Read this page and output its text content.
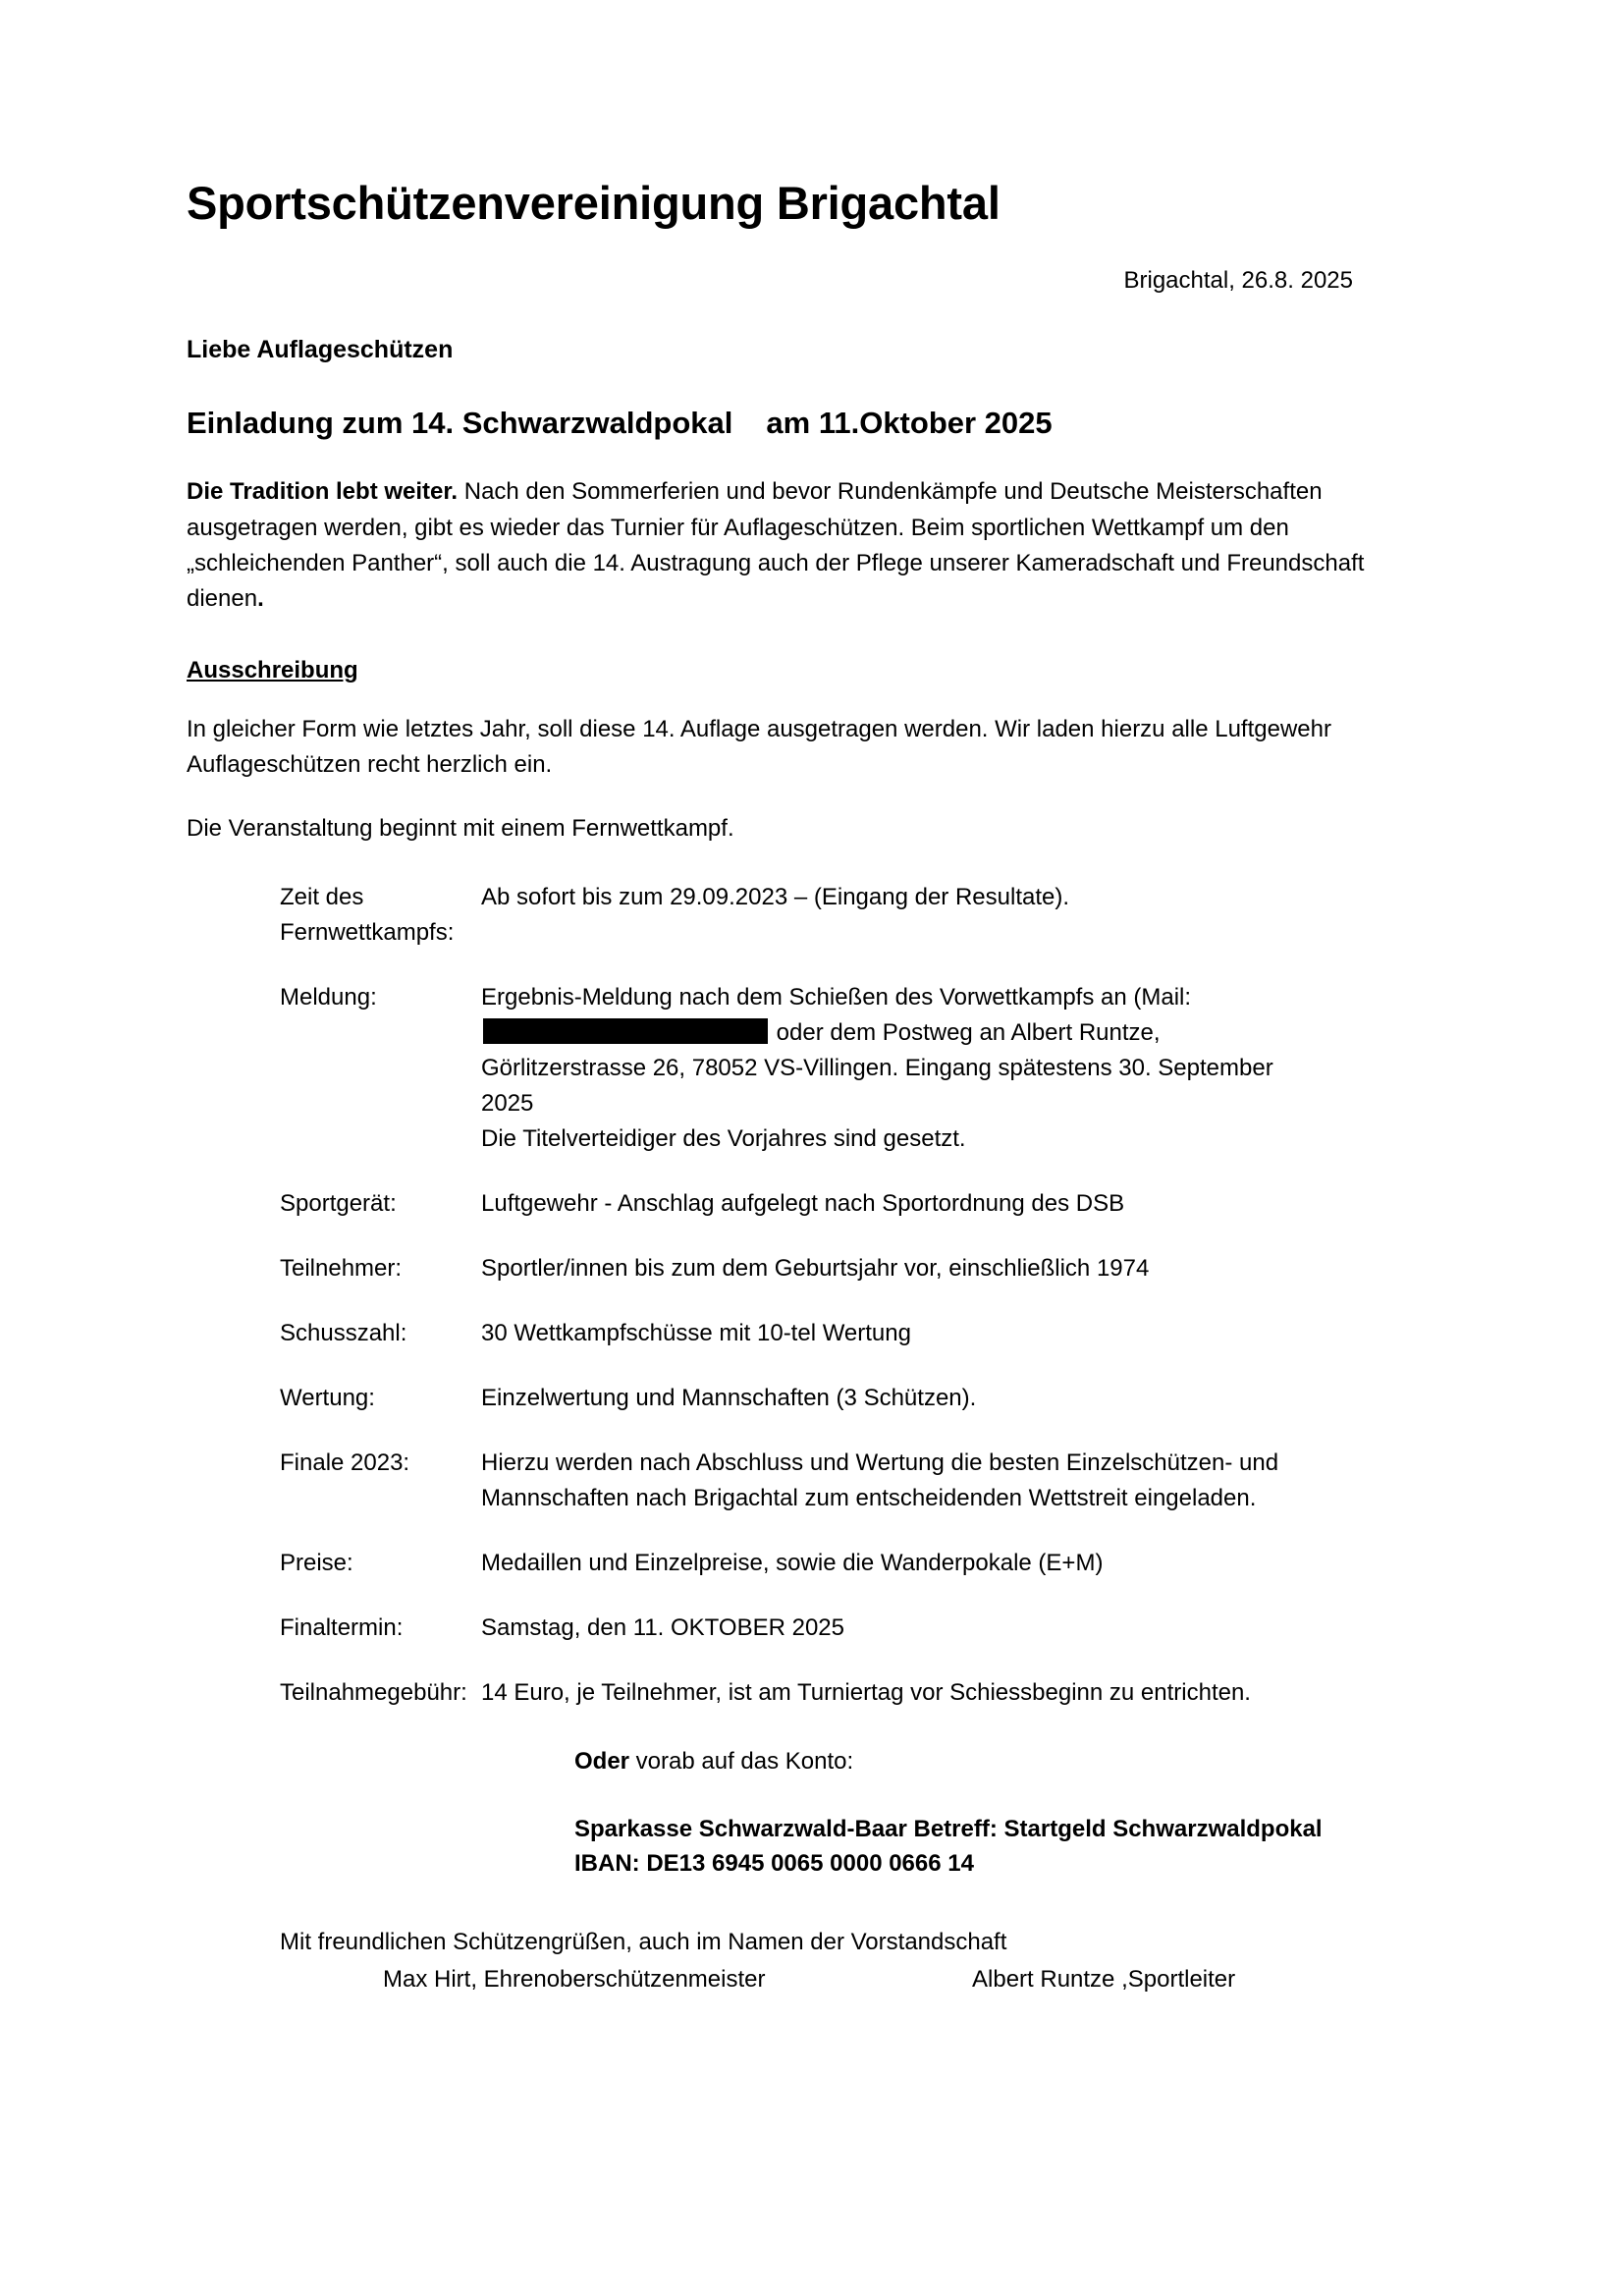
Sportschützenvereinigung Brigachtal
Brigachtal, 26.8. 2025
Liebe Auflageschützen
Einladung zum 14. Schwarzwaldpokal am 11.Oktober 2025

Die Tradition lebt weiter. Nach den Sommerferien und bevor Rundenkämpfe und Deutsche Meisterschaften ausgetragen werden, gibt es wieder das Turnier für Auflageschützen. Beim sportlichen Wettkampf um den „schleichenden Panther“, soll auch die 14. Austragung auch der Pflege unserer Kameradschaft und Freundschaft dienen.

Ausschreibung

In gleicher Form wie letztes Jahr, soll diese 14. Auflage ausgetragen werden. Wir laden hierzu alle Luftgewehr Auflageschützen recht herzlich ein.

Die Veranstaltung beginnt mit einem Fernwettkampf.

Zeit des Fernwettkampfs:
Ab sofort bis zum 29.09.2023 – (Eingang der Resultate).
Meldung:	Ergebnis-Meldung nach dem Schießen des Vorwettkampfs an (Mail:  oder dem Postweg an Albert Runtze, Görlitzerstrasse 26, 78052 VS-Villingen. Eingang spätestens 30. September 2025
Die Titelverteidiger des Vorjahres sind gesetzt.
Sportgerät:	Luftgewehr - Anschlag aufgelegt nach Sportordnung des DSB
Teilnehmer:	Sportler/innen bis zum dem Geburtsjahr vor, einschließlich 1974
Schusszahl:	30 Wettkampfschüsse mit 10-tel Wertung
Wertung:	Einzelwertung und Mannschaften (3 Schützen).
Finale 2023:	Hierzu werden nach Abschluss und Wertung die besten Einzelschützen- und Mannschaften nach Brigachtal zum entscheidenden Wettstreit eingeladen.
Preise:	Medaillen und Einzelpreise, sowie die Wanderpokale (E+M)
Finaltermin:	Samstag, den 11. OKTOBER 2025
Teilnahmegebühr: 14 Euro, je Teilnehmer, ist am Turniertag vor Schiessbeginn zu entrichten.
Oder vorab auf das Konto:
Sparkasse Schwarzwald-Baar Betreff: Startgeld Schwarzwaldpokal
IBAN: DE13 6945 0065 0000 0666 14
Mit freundlichen Schützengrüßen, auch im Namen der Vorstandschaft
Max Hirt, Ehrenoberschützenmeister	Albert Runtze ,Sportleiter
